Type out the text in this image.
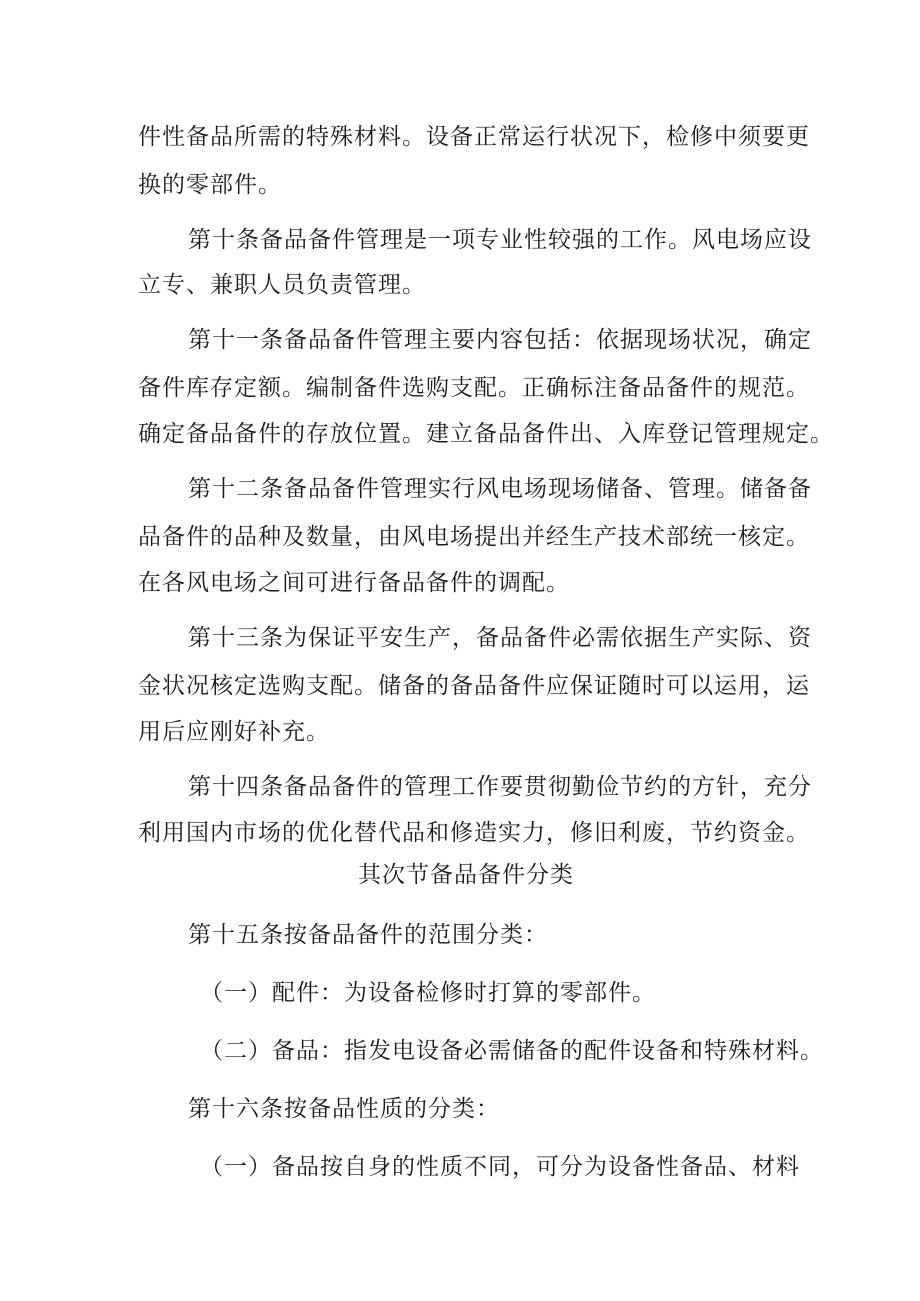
件性备品所需的特殊材料。设备正常运行状况下，检修中须要更
换的零部件。
第十条备品备件管理是一项专业性较强的工作。风电场应设
立专、兼职人员负责管理。
第十一条备品备件管理主要内容包括：依据现场状况，确定
备件库存定额。编制备件选购支配。正确标注备品备件的规范。
确定备品备件的存放位置。建立备品备件出、入库登记管理规定。
第十二条备品备件管理实行风电场现场储备、管理。储备备
品备件的品种及数量，由风电场提出并经生产技术部统一核定。
在各风电场之间可进行备品备件的调配。
第十三条为保证平安生产，备品备件必需依据生产实际、资
金状况核定选购支配。储备的备品备件应保证随时可以运用，运
用后应刚好补充。
第十四条备品备件的管理工作要贯彻勤俭节约的方针，充分
利用国内市场的优化替代品和修造实力，修旧利废，节约资金。
其次节备品备件分类
第十五条按备品备件的范围分类：
（一）配件：为设备检修时打算的零部件。
（二）备品：指发电设备必需储备的配件设备和特殊材料。
第十六条按备品性质的分类：
（一）备品按自身的性质不同，可分为设备性备品、材料
